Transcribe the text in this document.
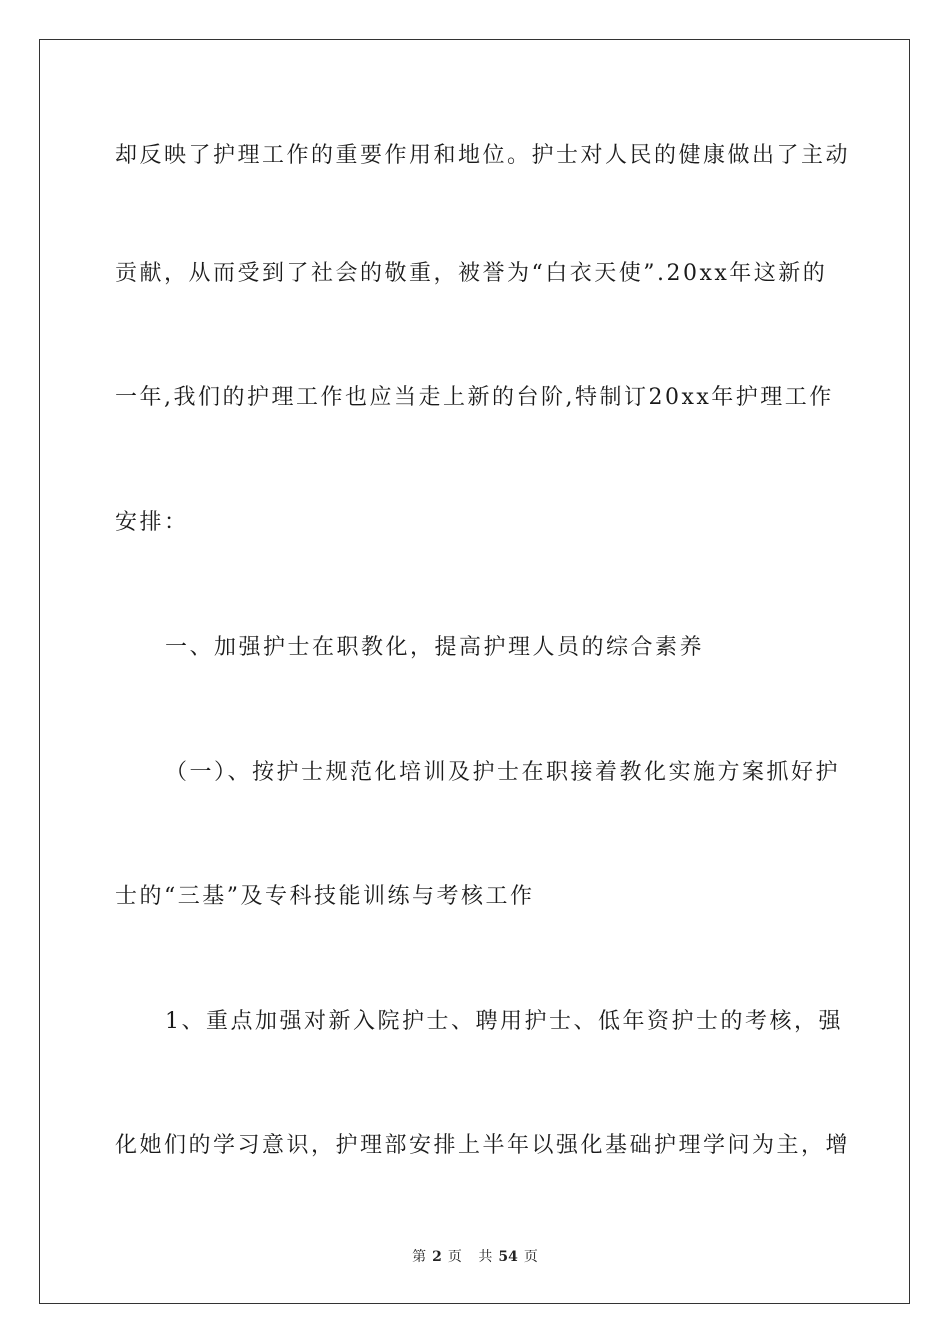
却反映了护理工作的重要作用和地位。护士对人民的健康做出了主动
贡献，从而受到了社会的敬重，被誉为“白衣天使”.20xx年这新的
一年,我们的护理工作也应当走上新的台阶,特制订20xx年护理工作
安排：
一、加强护士在职教化，提高护理人员的综合素养
（一）、按护士规范化培训及护士在职接着教化实施方案抓好护
士的“三基”及专科技能训练与考核工作
1、重点加强对新入院护士、聘用护士、低年资护士的考核，强
化她们的学习意识，护理部安排上半年以强化基础护理学问为主，增
第 2 页 共 54 页
